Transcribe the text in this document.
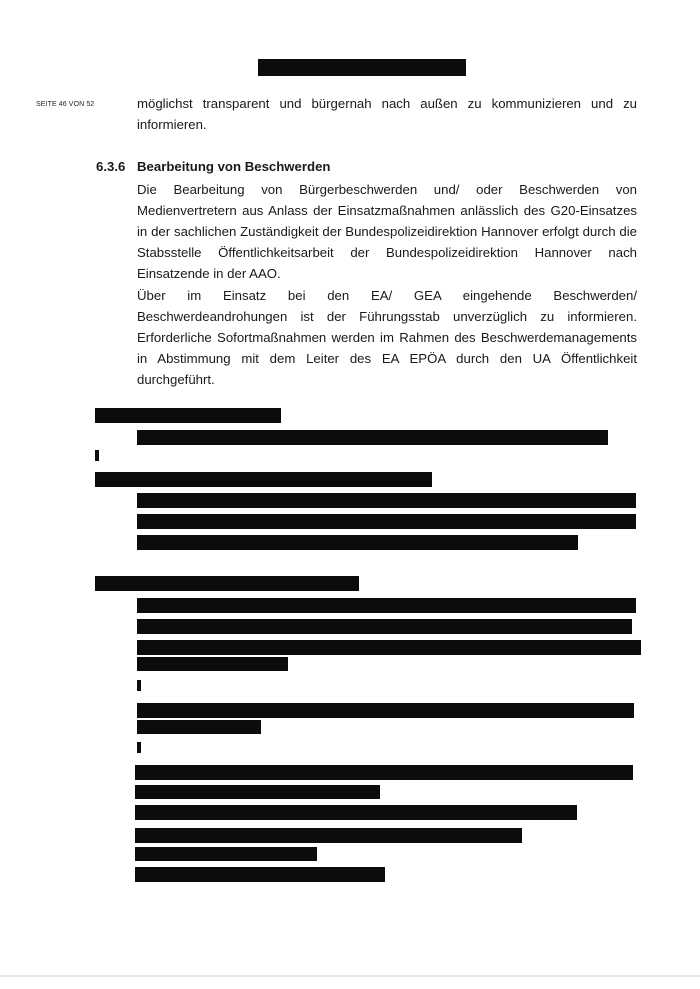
SEITE 46 VON 52	möglichst transparent und bürgernah nach außen zu kommunizieren und zu informieren.

6.3.6 Bearbeitung von Beschwerden

Die Bearbeitung von Bürgerbeschwerden und/ oder Beschwerden von Medienvertretern aus Anlass der Einsatzmaßnahmen anlässlich des G20-Einsatzes in der sachlichen Zuständigkeit der Bundespolizeidirektion Hannover erfolgt durch die Stabsstelle Öffentlichkeitsarbeit der Bundespolizeidirektion Hannover nach Einsatzende in der AAO.

Über im Einsatz bei den EA/ GEA eingehende Beschwerden/ Beschwerdeandrohungen ist der Führungsstab unverzüglich zu informieren. Erforderliche Sofortmaßnahmen werden im Rahmen des Beschwerdemanagements in Abstimmung mit dem Leiter des EA EPÖA durch den UA Öffentlichkeit durchgeführt.
